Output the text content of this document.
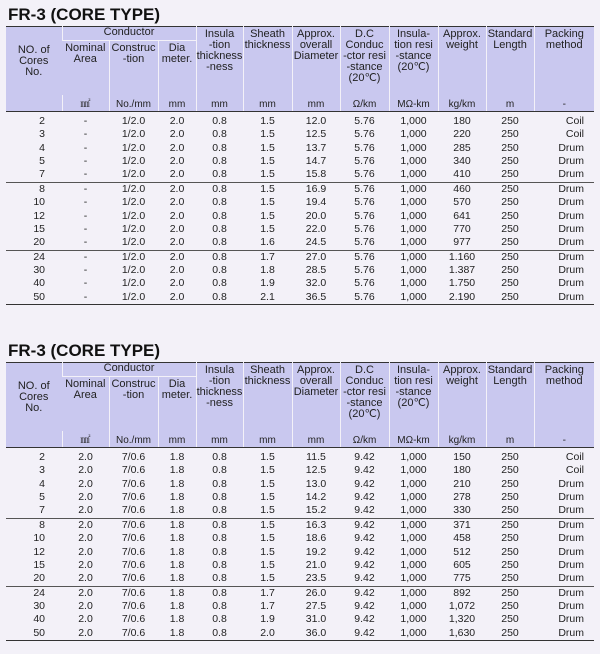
FR-3 (CORE TYPE)
NO. of
Cores
No.	Conductor			Insula
-tion
thickness
-ness	Sheath
thickness	Approx.
overall
Diameter	D.C Conduc
-ctor resi
-stance
(20℃)	Insula-
tion resi
-stance
(20℃)	Approx.
weight	Standard
Length	Packing
method
	Nominal
Area	Construc
-tion	Dia
meter.								
	㎟	No./mm	mm	mm	mm	mm	Ω/km	MΩ-km	kg/km	m	-
2	-	1/2.0	2.0	0.8	1.5	12.0	5.76	1,000	180	250	Coil
3	-	1/2.0	2.0	0.8	1.5	12.5	5.76	1,000	220	250	Coil
4	-	1/2.0	2.0	0.8	1.5	13.7	5.76	1,000	285	250	Drum
5	-	1/2.0	2.0	0.8	1.5	14.7	5.76	1,000	340	250	Drum
7	-	1/2.0	2.0	0.8	1.5	15.8	5.76	1,000	410	250	Drum
8	-	1/2.0	2.0	0.8	1.5	16.9	5.76	1,000	460	250	Drum
10	-	1/2.0	2.0	0.8	1.5	19.4	5.76	1,000	570	250	Drum
12	-	1/2.0	2.0	0.8	1.5	20.0	5.76	1,000	641	250	Drum
15	-	1/2.0	2.0	0.8	1.5	22.0	5.76	1,000	770	250	Drum
20	-	1/2.0	2.0	0.8	1.6	24.5	5.76	1,000	977	250	Drum
24	-	1/2.0	2.0	0.8	1.7	27.0	5.76	1,000	1.160	250	Drum
30	-	1/2.0	2.0	0.8	1.8	28.5	5.76	1,000	1.387	250	Drum
40	-	1/2.0	2.0	0.8	1.9	32.0	5.76	1,000	1.750	250	Drum
50	-	1/2.0	2.0	0.8	2.1	36.5	5.76	1,000	2.190	250	Drum
FR-3 (CORE TYPE)
NO. of
Cores
No.	Conductor			Insula
-tion
thickness
-ness	Sheath
thickness	Approx.
overall
Diameter	D.C Conduc
-ctor resi
-stance
(20℃)	Insula-
tion resi
-stance
(20℃)	Approx.
weight	Standard
Length	Packing
method
	Nominal
Area	Construc
-tion	Dia
meter.								
	㎟	No./mm	mm	mm	mm	mm	Ω/km	MΩ-km	kg/km	m	-
2	2.0	7/0.6	1.8	0.8	1.5	11.5	9.42	1,000	150	250	Coil
3	2.0	7/0.6	1.8	0.8	1.5	12.5	9.42	1,000	180	250	Coil
4	2.0	7/0.6	1.8	0.8	1.5	13.0	9.42	1,000	210	250	Drum
5	2.0	7/0.6	1.8	0.8	1.5	14.2	9.42	1,000	278	250	Drum
7	2.0	7/0.6	1.8	0.8	1.5	15.2	9.42	1,000	330	250	Drum
8	2.0	7/0.6	1.8	0.8	1.5	16.3	9.42	1,000	371	250	Drum
10	2.0	7/0.6	1.8	0.8	1.5	18.6	9.42	1,000	458	250	Drum
12	2.0	7/0.6	1.8	0.8	1.5	19.2	9.42	1,000	512	250	Drum
15	2.0	7/0.6	1.8	0.8	1.5	21.0	9.42	1,000	605	250	Drum
20	2.0	7/0.6	1.8	0.8	1.5	23.5	9.42	1,000	775	250	Drum
24	2.0	7/0.6	1.8	0.8	1.7	26.0	9.42	1,000	892	250	Drum
30	2.0	7/0.6	1.8	0.8	1.7	27.5	9.42	1,000	1,072	250	Drum
40	2.0	7/0.6	1.8	0.8	1.9	31.0	9.42	1,000	1,320	250	Drum
50	2.0	7/0.6	1.8	0.8	2.0	36.0	9.42	1,000	1,630	250	Drum
